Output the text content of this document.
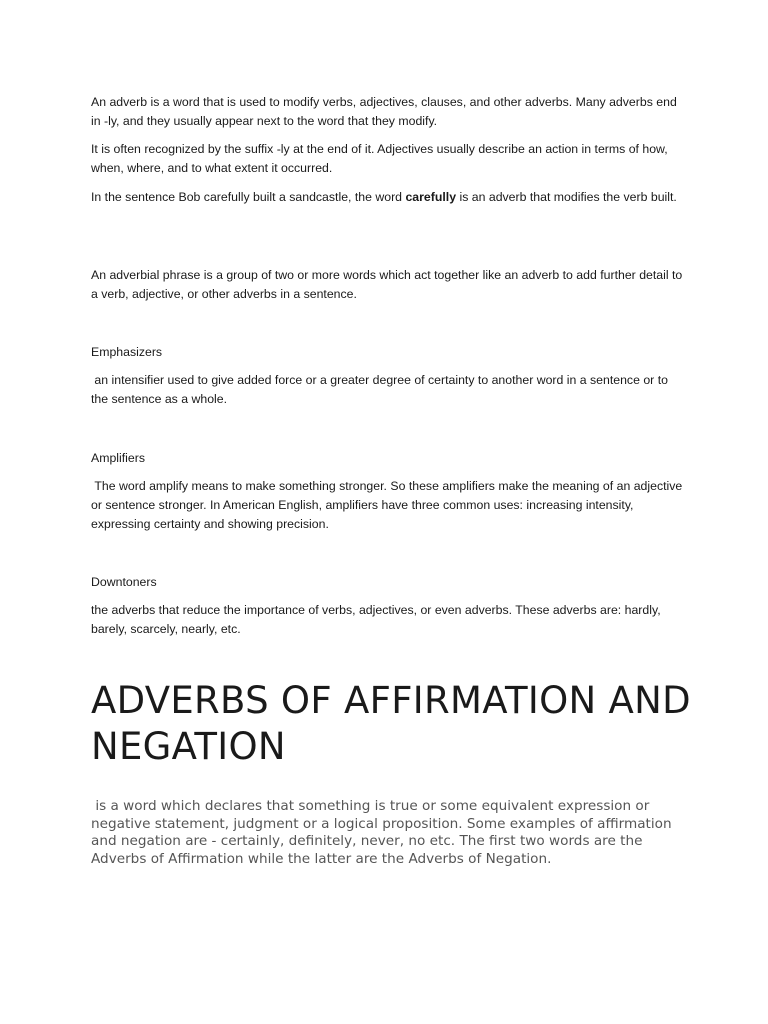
An adverb is a word that is used to modify verbs, adjectives, clauses, and other adverbs. Many adverbs end in -ly, and they usually appear next to the word that they modify.

It is often recognized by the suffix -ly at the end of it. Adjectives usually describe an action in terms of how, when, where, and to what extent it occurred.

In the sentence Bob carefully built a sandcastle, the word carefully is an adverb that modifies the verb built.

An adverbial phrase is a group of two or more words which act together like an adverb to add further detail to a verb, adjective, or other adverbs in a sentence.

Emphasizers

an intensifier used to give added force or a greater degree of certainty to another word in a sentence or to the sentence as a whole.

Amplifiers

The word amplify means to make something stronger. So these amplifiers make the meaning of an adjective or sentence stronger. In American English, amplifiers have three common uses: increasing intensity, expressing certainty and showing precision.

Downtoners

the adverbs that reduce the importance of verbs, adjectives, or even adverbs. These adverbs are: hardly, barely, scarcely, nearly, etc.

ADVERBS OF AFFIRMATION AND NEGATION

is a word which declares that something is true or some equivalent expression or negative statement, judgment or a logical proposition. Some examples of affirmation and negation are - certainly, definitely, never, no etc. The first two words are the Adverbs of Affirmation while the latter are the Adverbs of Negation.
